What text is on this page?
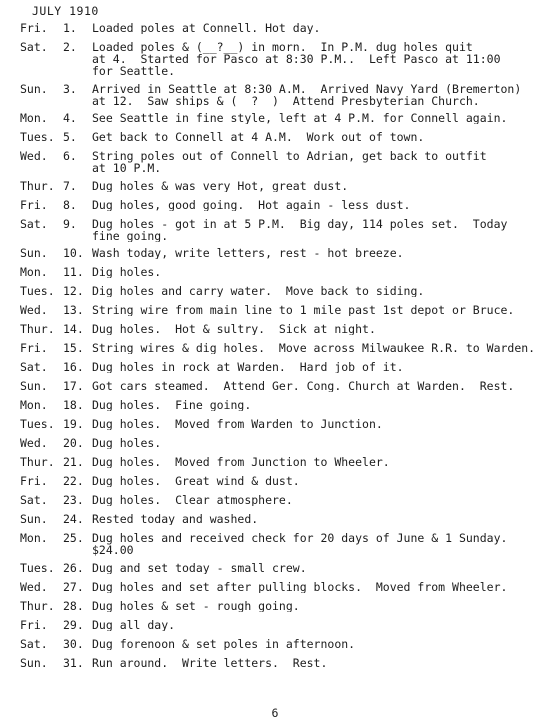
JULY 1910
Fri.	1.	Loaded poles at Connell. Hot day.
Sat.	2.	Loaded poles & (__?__) in morn.  In P.M. dug holes quit
at 4.  Started for Pasco at 8:30 P.M..  Left Pasco at 11:00
for Seattle.
Sun.	3.	Arrived in Seattle at 8:30 A.M.  Arrived Navy Yard (Bremerton)
at 12.  Saw ships & (__?__)  Attend Presbyterian Church.
Mon.	4.	See Seattle in fine style, left at 4 P.M. for Connell again.
Tues. 5.	Get back to Connell at 4 A.M.  Work out of town.
Wed.	6.	String poles out of Connell to Adrian, get back to outfit
at 10 P.M.
Thur. 7.	Dug holes & was very Hot, great dust.
Fri.	8.	Dug holes, good going.  Hot again - less dust.
Sat.	9.	Dug holes - got in at 5 P.M.  Big day, 114 poles set.  Today
fine going.
Sun.	10. Wash today, write letters, rest - hot breeze.
Mon.	11. Dig holes.
Tues. 12. Dig holes and carry water.  Move back to siding.
Wed.	13. String wire from main line to 1 mile past 1st depot or Bruce.
Thur. 14. Dug holes.  Hot & sultry.  Sick at night.
Fri.	15. String wires & dig holes.  Move across Milwaukee R.R. to Warden.
Sat.	16. Dug holes in rock at Warden.  Hard job of it.
Sun.	17. Got cars steamed.  Attend Ger. Cong. Church at Warden.  Rest.
Mon.	18. Dug holes.  Fine going.
Tues. 19. Dug holes.  Moved from Warden to Junction.
Wed.	20. Dug holes.
Thur. 21. Dug holes.  Moved from Junction to Wheeler.
Fri.	22. Dug holes.  Great wind & dust.
Sat.	23. Dug holes.  Clear atmosphere.
Sun.	24. Rested today and washed.
Mon.	25. Dug holes and received check for 20 days of June & 1 Sunday.
$24.00
Tues. 26. Dug and set today - small crew.
Wed.	27. Dug holes and set after pulling blocks.  Moved from Wheeler.
Thur. 28. Dug holes & set - rough going.
Fri.	29. Dug all day.
Sat.	30. Dug forenoon & set poles in afternoon.
Sun.	31. Run around.  Write letters.  Rest.
6
